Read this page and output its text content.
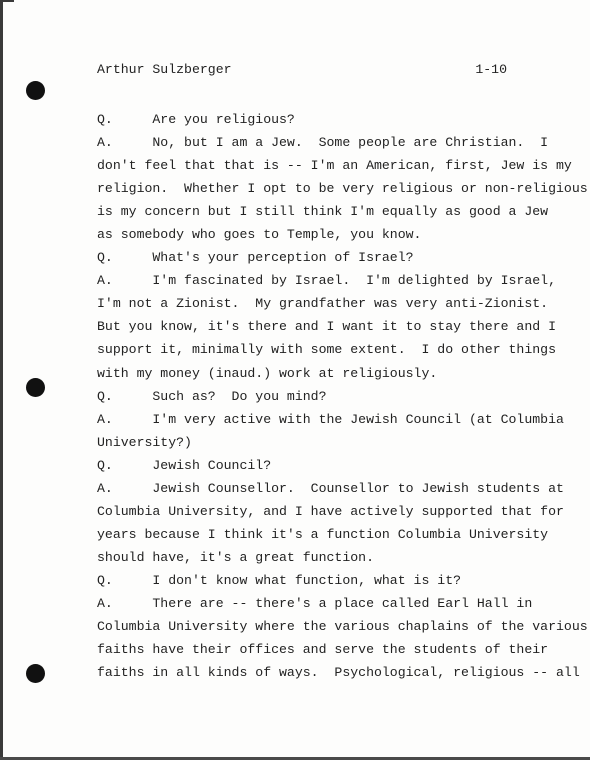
Arthur Sulzberger	1-10
Q.     Are you religious?
A.     No, but I am a Jew.  Some people are Christian.  I
don't feel that that is -- I'm an American, first, Jew is my
religion.  Whether I opt to be very religious or non-religious
is my concern but I still think I'm equally as good a Jew
as somebody who goes to Temple, you know.
Q.     What's your perception of Israel?
A.     I'm fascinated by Israel.  I'm delighted by Israel,
I'm not a Zionist.  My grandfather was very anti-Zionist.
But you know, it's there and I want it to stay there and I
support it, minimally with some extent.  I do other things
with my money (inaud.) work at religiously.
Q.     Such as?  Do you mind?
A.     I'm very active with the Jewish Council (at Columbia
University?)
Q.     Jewish Council?
A.     Jewish Counsellor.  Counsellor to Jewish students at
Columbia University, and I have actively supported that for
years because I think it's a function Columbia University
should have, it's a great function.
Q.     I don't know what function, what is it?
A.     There are -- there's a place called Earl Hall in
Columbia University where the various chaplains of the various
faiths have their offices and serve the students of their
faiths in all kinds of ways.  Psychological, religious -- all
